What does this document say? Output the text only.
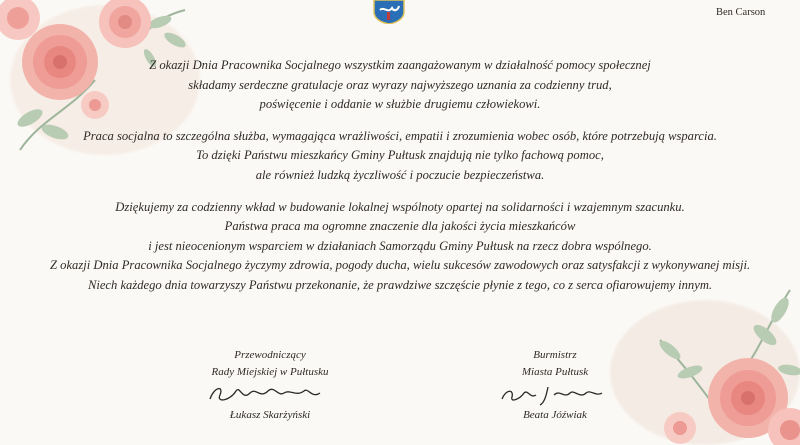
Ben Carson
Z okazji Dnia Pracownika Socjalnego wszystkim zaangażowanym w działalność pomocy społecznej
składamy serdeczne gratulacje oraz wyrazy najwyższego uznania za codzienny trud,
poświęcenie i oddanie w służbie drugiemu człowiekowi.
Praca socjalna to szczególna służba, wymagająca wrażliwości, empatii i zrozumienia wobec osób, które potrzebują wsparcia.
To dzięki Państwu mieszkańcy Gminy Pułtusk znajdują nie tylko fachową pomoc,
ale również ludzką życzliwość i poczucie bezpieczeństwa.
Dziękujemy za codzienny wkład w budowanie lokalnej wspólnoty opartej na solidarności i wzajemnym szacunku.
Państwa praca ma ogromne znaczenie dla jakości życia mieszkańców
i jest nieocenionym wsparciem w działaniach Samorządu Gminy Pułtusk na rzecz dobra wspólnego.
Z okazji Dnia Pracownika Socjalnego życzymy zdrowia, pogody ducha, wielu sukcesów zawodowych oraz satysfakcji z wykonywanej misji.
Niech każdego dnia towarzyszy Państwu przekonanie, że prawdziwe szczęście płynie z tego, co z serca ofiarowujemy innym.
Przewodniczący
Rady Miejskiej w Pułtusku
Łukasz Skarżyński
Burmistrz
Miasta Pułtusk
Beata Jóźwiak
